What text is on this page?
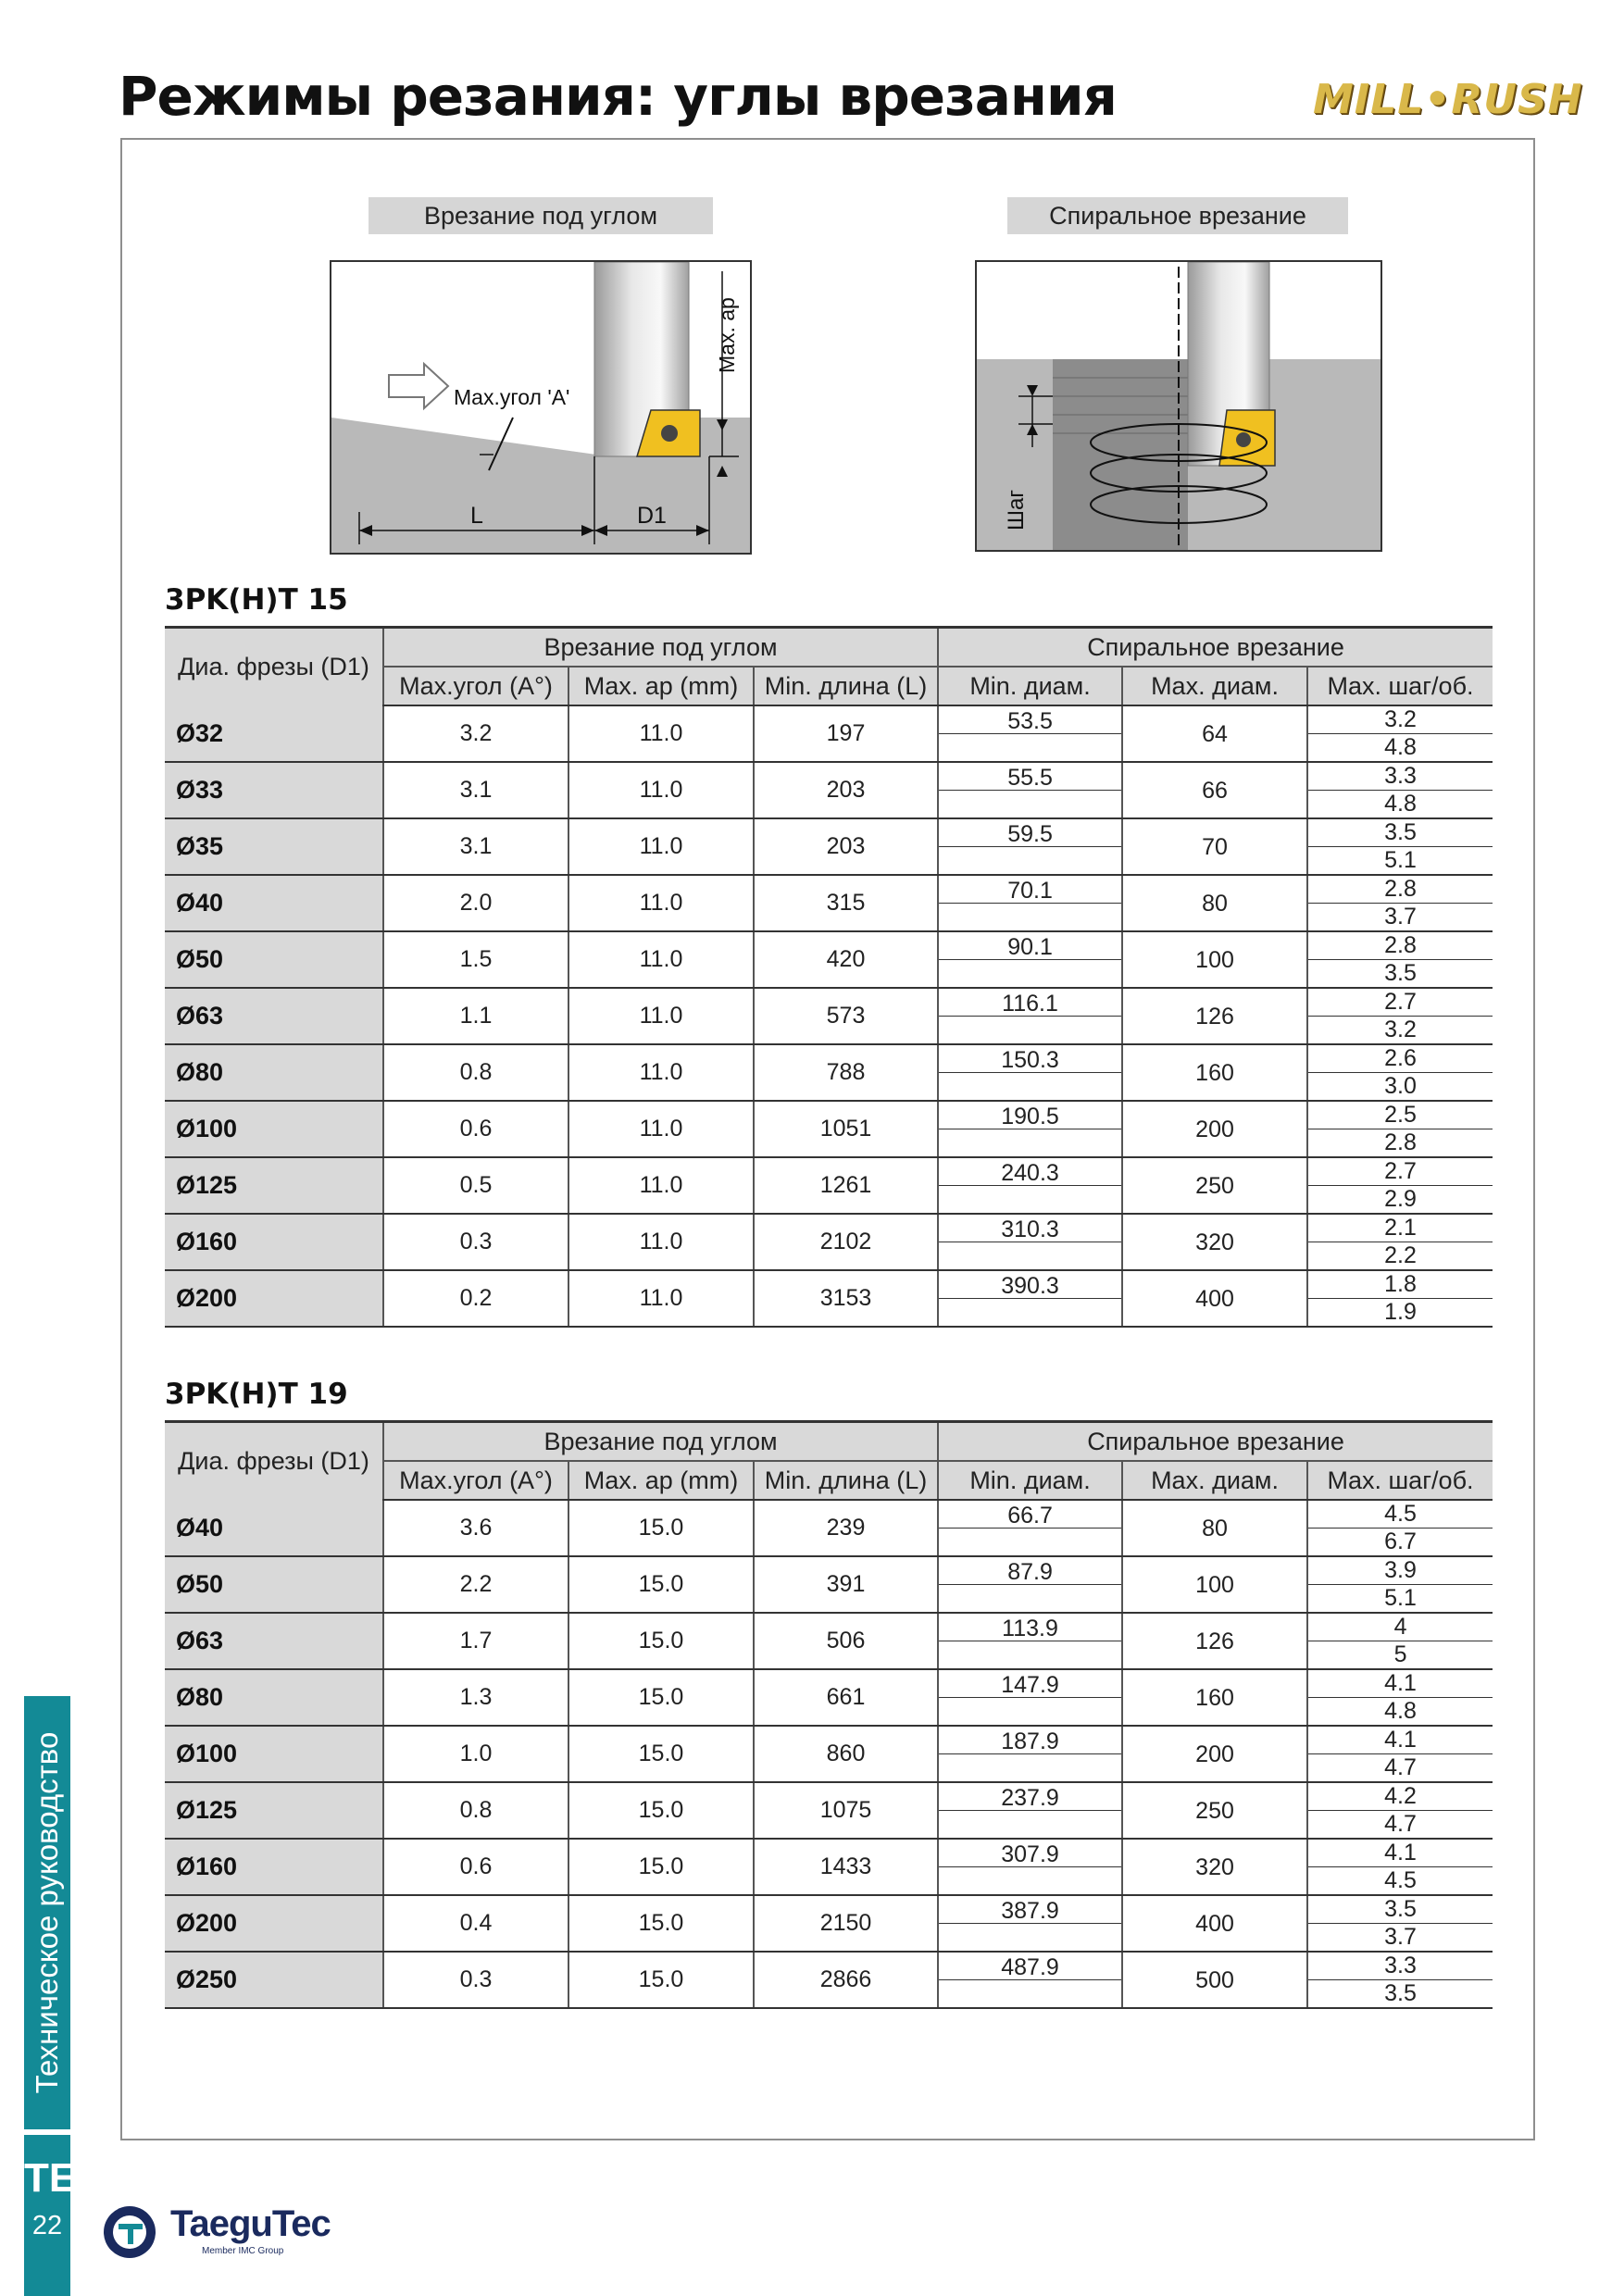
Режимы резания: углы врезания	MILL•RUSH
Врезание под углом
Max.угол 'A'
Max. ap
L	D1
Спиральное врезание
Шаг
3PK(H)T 15
Диа. фрезы (D1)	Врезание под углом			Спиральное врезание		
	Max.угол (A°)	Max. ap (mm)	Min. длина (L)	Min. диам.	Max. диам.	Max. шаг/об.
Ø32	3.2	11.0	197	53.5	64	3.2
						4.8
Ø33	3.1	11.0	203	55.5	66	3.3
						4.8
Ø35	3.1	11.0	203	59.5	70	3.5
						5.1
Ø40	2.0	11.0	315	70.1	80	2.8
						3.7
Ø50	1.5	11.0	420	90.1	100	2.8
						3.5
Ø63	1.1	11.0	573	116.1	126	2.7
						3.2
Ø80	0.8	11.0	788	150.3	160	2.6
						3.0
Ø100	0.6	11.0	1051	190.5	200	2.5
						2.8
Ø125	0.5	11.0	1261	240.3	250	2.7
						2.9
Ø160	0.3	11.0	2102	310.3	320	2.1
						2.2
Ø200	0.2	11.0	3153	390.3	400	1.8
						1.9
3PK(H)T 19
Диа. фрезы (D1)	Врезание под углом			Спиральное врезание		
	Max.угол (A°)	Max. ap (mm)	Min. длина (L)	Min. диам.	Max. диам.	Max. шаг/об.
Ø40	3.6	15.0	239	66.7	80	4.5
						6.7
Ø50	2.2	15.0	391	87.9	100	3.9
						5.1
Ø63	1.7	15.0	506	113.9	126	4
						5
Ø80	1.3	15.0	661	147.9	160	4.1
						4.8
Ø100	1.0	15.0	860	187.9	200	4.1
						4.7
Ø125	0.8	15.0	1075	237.9	250	4.2
						4.7
Ø160	0.6	15.0	1433	307.9	320	4.1
						4.5
Ø200	0.4	15.0	2150	387.9	400	3.5
						3.7
Ø250	0.3	15.0	2866	487.9	500	3.3
						3.5
Техническое руководство
TE
22	TaeguTec
Member IMC Group
